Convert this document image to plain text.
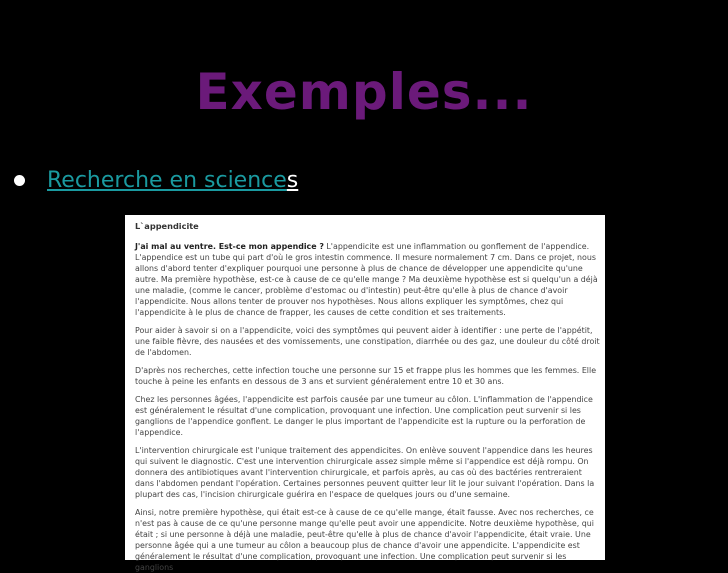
Exemples...
Recherche en sciences
L`appendicite

J'ai mal au ventre. Est-ce mon appendice ? L'appendicite est une inflammation ou gonflement de l'appendice. L'appendice est un tube qui part d'où le gros intestin commence. Il mesure normalement 7 cm. Dans ce projet, nous allons d'abord tenter d'expliquer pourquoi une personne à plus de chance de développer une appendicite qu'une autre. Ma première hypothèse, est-ce à cause de ce qu'elle mange ? Ma deuxième hypothèse est si quelqu'un a déjà une maladie, (comme le cancer, problème d'estomac ou d'intestin) peut-être qu'elle à plus de chance d'avoir l'appendicite. Nous allons tenter de prouver nos hypothèses. Nous allons expliquer les symptômes, chez qui l'appendicite à le plus de chance de frapper, les causes de cette condition et ses traitements.

Pour aider à savoir si on a l'appendicite, voici des symptômes qui peuvent aider à identifier : une perte de l'appétit, une faible fièvre, des nausées et des vomissements, une constipation, diarrhée ou des gaz, une douleur du côté droit de l'abdomen.

D'après nos recherches, cette infection touche une personne sur 15 et frappe plus les hommes que les femmes. Elle touche à peine les enfants en dessous de 3 ans et survient généralement entre 10 et 30 ans.

Chez les personnes âgées, l'appendicite est parfois causée par une tumeur au côlon. L'inflammation de l'appendice est généralement le résultat d'une complication, provoquant une infection. Une complication peut survenir si les ganglions de l'appendice gonflent. Le danger le plus important de l'appendicite est la rupture ou la perforation de l'appendice.

L'intervention chirurgicale est l'unique traitement des appendicites. On enlève souvent l'appendice dans les heures qui suivent le diagnostic. C'est une intervention chirurgicale assez simple même si l'appendice est déjà rompu. On donnera des antibiotiques avant l'intervention chirurgicale, et parfois après, au cas où des bactéries rentreraient dans l'abdomen pendant l'opération. Certaines personnes peuvent quitter leur lit le jour suivant l'opération. Dans la plupart des cas, l'incision chirurgicale guérira en l'espace de quelques jours ou d'une semaine.

Ainsi, notre première hypothèse, qui était est-ce à cause de ce qu'elle mange, était fausse. Avec nos recherches, ce n'est pas à cause de ce qu'une personne mange qu'elle peut avoir une appendicite. Notre deuxième hypothèse, qui était ; si une personne à déjà une maladie, peut-être qu'elle à plus de chance d'avoir l'appendicite, était vraie. Une personne âgée qui a une tumeur au côlon a beaucoup plus de chance d'avoir une appendicite. L'appendicite est généralement le résultat d'une complication, provoquant une infection. Une complication peut survenir si les ganglions
